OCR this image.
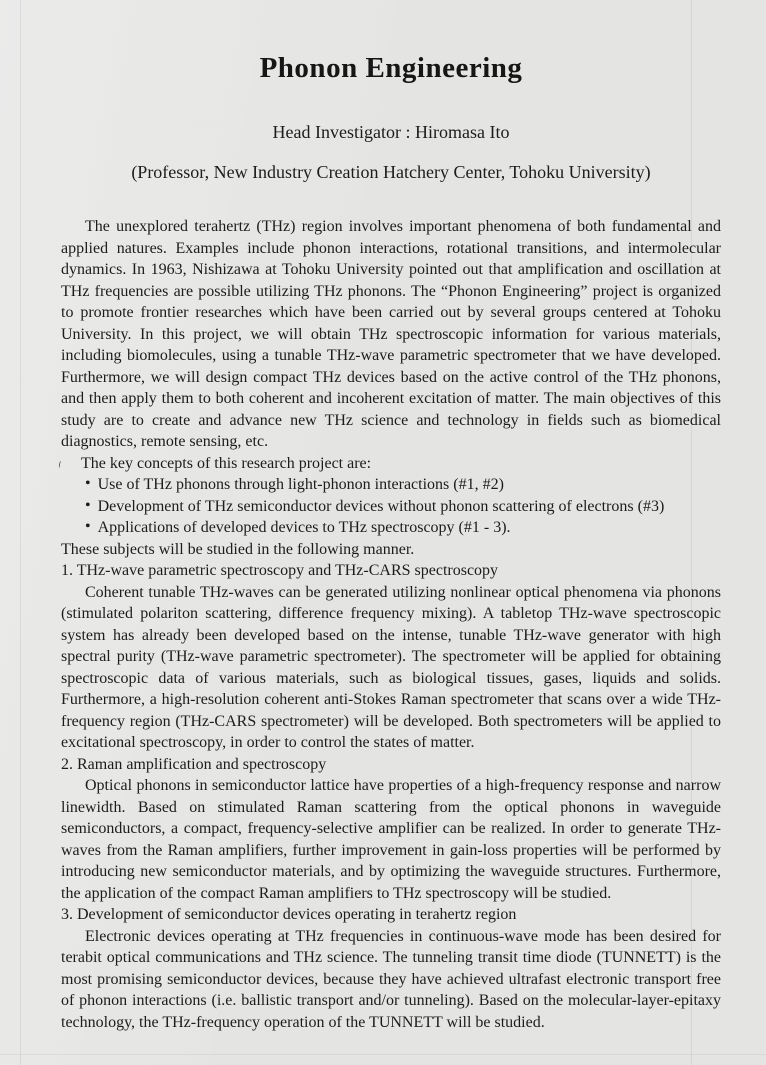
Phonon Engineering
Head Investigator : Hiromasa Ito
(Professor, New Industry Creation Hatchery Center, Tohoku University)

The unexplored terahertz (THz) region involves important phenomena of both fundamental and applied natures. Examples include phonon interactions, rotational transitions, and intermolecular dynamics. In 1963, Nishizawa at Tohoku University pointed out that amplification and oscillation at THz frequencies are possible utilizing THz phonons. The “Phonon Engineering” project is organized to promote frontier researches which have been carried out by several groups centered at Tohoku University. In this project, we will obtain THz spectroscopic information for various materials, including biomolecules, using a tunable THz-wave parametric spectrometer that we have developed. Furthermore, we will design compact THz devices based on the active control of the THz phonons, and then apply them to both coherent and incoherent excitation of matter. The main objectives of this study are to create and advance new THz science and technology in fields such as biomedical diagnostics, remote sensing, etc.

The key concepts of this research project are:
• Use of THz phonons through light-phonon interactions (#1, #2)
• Development of THz semiconductor devices without phonon scattering of electrons (#3)
• Applications of developed devices to THz spectroscopy (#1 - 3).
These subjects will be studied in the following manner.
1. THz-wave parametric spectroscopy and THz-CARS spectroscopy

Coherent tunable THz-waves can be generated utilizing nonlinear optical phenomena via phonons (stimulated polariton scattering, difference frequency mixing). A tabletop THz-wave spectroscopic system has already been developed based on the intense, tunable THz-wave generator with high spectral purity (THz-wave parametric spectrometer). The spectrometer will be applied for obtaining spectroscopic data of various materials, such as biological tissues, gases, liquids and solids. Furthermore, a high-resolution coherent anti-Stokes Raman spectrometer that scans over a wide THz-frequency region (THz-CARS spectrometer) will be developed. Both spectrometers will be applied to excitational spectroscopy, in order to control the states of matter.

2. Raman amplification and spectroscopy

Optical phonons in semiconductor lattice have properties of a high-frequency response and narrow linewidth. Based on stimulated Raman scattering from the optical phonons in waveguide semiconductors, a compact, frequency-selective amplifier can be realized. In order to generate THz-waves from the Raman amplifiers, further improvement in gain-loss properties will be performed by introducing new semiconductor materials, and by optimizing the waveguide structures. Furthermore, the application of the compact Raman amplifiers to THz spectroscopy will be studied.

3. Development of semiconductor devices operating in terahertz region

Electronic devices operating at THz frequencies in continuous-wave mode has been desired for terabit optical communications and THz science. The tunneling transit time diode (TUNNETT) is the most promising semiconductor devices, because they have achieved ultrafast electronic transport free of phonon interactions (i.e. ballistic transport and/or tunneling). Based on the molecular-layer-epitaxy technology, the THz-frequency operation of the TUNNETT will be studied.
